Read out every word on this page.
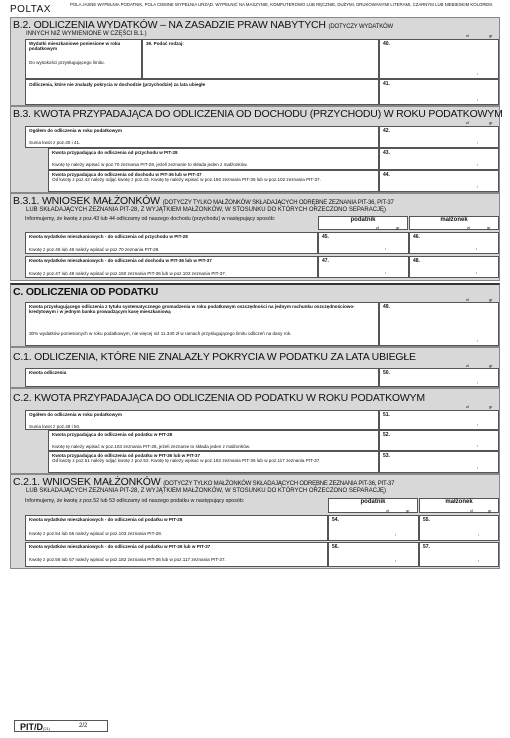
POLTAX	POLA JASNE WYPEŁNIA PODATNIK, POLA CIEMNE WYPEŁNIA URZĄD. WYPEŁNIĆ NA MASZYNIE, KOMPUTEROWO LUB RĘCZNIE, DUŻYMI, DRUKOWANYMI LITERAMI, CZARNYM LUB NIEBIESKIM KOLOREM.
B.2. ODLICZENIA WYDATKÓW – NA ZASADZIE PRAW NABYTYCH (DOTYCZY WYDATKÓW
INNYCH NIŻ WYMIENIONE W CZĘŚCI B.1.)	zł	gr
Wydatki mieszkaniowe poniesione w roku podatkowym
Do wysokości przysługującego limitu.
39. Podać rodzaj:	40.
,
Odliczenia, które nie znalazły pokrycia w dochodzie (przychodzie) za lata ubiegłe	41.
,
B.3. KWOTA PRZYPADAJĄCA DO ODLICZENIA OD DOCHODU (PRZYCHODU) W ROKU PODATKOWYM
zł	gr
Ogółem do odliczenia w roku podatkowym
Suma kwot z poz.40 i 41.
42.
,
Kwota przypadająca do odliczenia od przychodu w PIT-28
Kwotę tę należy wpisać w poz.70 zeznania PIT-28, jeżeli zeznanie to składa jeden z małżonków.
43.
,
Kwota przypadająca do odliczenia od dochodu w PIT-36 lub w PIT-37
Od kwoty z poz.42 należy odjąć kwotę z poz.43. Kwotę tę należy wpisać w poz.150 zeznania PIT-36 lub w poz.102 zeznania PIT-37.
44.
,
B.3.1. WNIOSEK MAŁŻONKÓW (DOTYCZY TYLKO MAŁŻONKÓW SKŁADAJĄCYCH ODRĘBNE ZEZNANIA PIT-36, PIT-37
LUB SKŁADAJĄCYCH ZEZNANIA PIT-28, Z WYJĄTKIEM MAŁŻONKÓW, W STOSUNKU DO KTÓRYCH ORZECZONO SEPARACJĘ)
Informujemy, że kwotę z poz.43 lub 44 odliczamy od naszego dochodu (przychodu) w następujący sposób:	podatnik
zł	gr
małżonek
zł	gr
Kwota wydatków mieszkaniowych - do odliczenia od przychodu w PIT-28
Kwotę z poz.45 lub 46 należy wpisać w poz.70 zeznania PIT-28.
45.
,
46.
,
Kwota wydatków mieszkaniowych - do odliczenia od dochodu w PIT-36 lub w PIT-37
Kwotę z poz.47 lub 48 należy wpisać w poz.150 zeznania PIT-36 lub w poz.102 zeznania PIT-37.
47.
,
48.
,
C. ODLICZENIA OD PODATKU
zł	gr
Kwota przysługującego odliczenia z tytułu systematycznego gromadzenia w roku podatkowym oszczędności na jednym rachunku oszczędnościowo-kredytowym i w jednym banku prowadzącym kasę mieszkaniową
30% wydatków poniesionych w roku podatkowym, nie więcej niż 11.340 zł w ramach przysługującego limitu odliczeń na dany rok.
49.
,
C.1. ODLICZENIA, KTÓRE NIE ZNALAZŁY POKRYCIA W PODATKU ZA LATA UBIEGŁE
zł	gr
Kwota odliczenia	50.
,
C.2. KWOTA PRZYPADAJĄCA DO ODLICZENIA OD PODATKU W ROKU PODATKOWYM
zł	gr
Ogółem do odliczenia w roku podatkowym
Suma kwot z poz.49 i 50.
51.
,
Kwota przypadająca do odliczenia od podatku w PIT-28
Kwotę tę należy wpisać w poz.103 zeznania PIT-28, jeżeli zeznanie to składa jeden z małżonków.
52.
,
Kwota przypadająca do odliczenia od podatku w PIT-36 lub w PIT-37
Od kwoty z poz.51 należy odjąć kwotę z poz.52. Kwotę tę należy wpisać w poz.182 zeznania PIT-36 lub w poz.117 zeznania PIT-37.
53.
,
C.2.1. WNIOSEK MAŁŻONKÓW (DOTYCZY TYLKO MAŁŻONKÓW SKŁADAJĄCYCH ODRĘBNE ZEZNANIA PIT-36, PIT-37
LUB SKŁADAJĄCYCH ZEZNANIA PIT-28, Z WYJĄTKIEM MAŁŻONKÓW, W STOSUNKU DO KTÓRYCH ORZECZONO SEPARACJĘ)
Informujemy, że kwotę z poz.52 lub 53 odliczamy od naszego podatku w następujący sposób:	podatnik
zł	gr
małżonek
zł	gr
Kwota wydatków mieszkaniowych - do odliczenia od podatku w PIT-28
Kwotę z poz.54 lub 55 należy wpisać w poz.103 zeznania PIT-28.
54.
,
55.
,
Kwota wydatków mieszkaniowych - do odliczenia od podatku w PIT-36 lub w PIT-37
Kwotę z poz.56 lub 57 należy wpisać w poz.182 zeznania PIT-36 lub w poz.117 zeznania PIT-37.
56.
,
57.
,
PIT/D(21)	2/2
